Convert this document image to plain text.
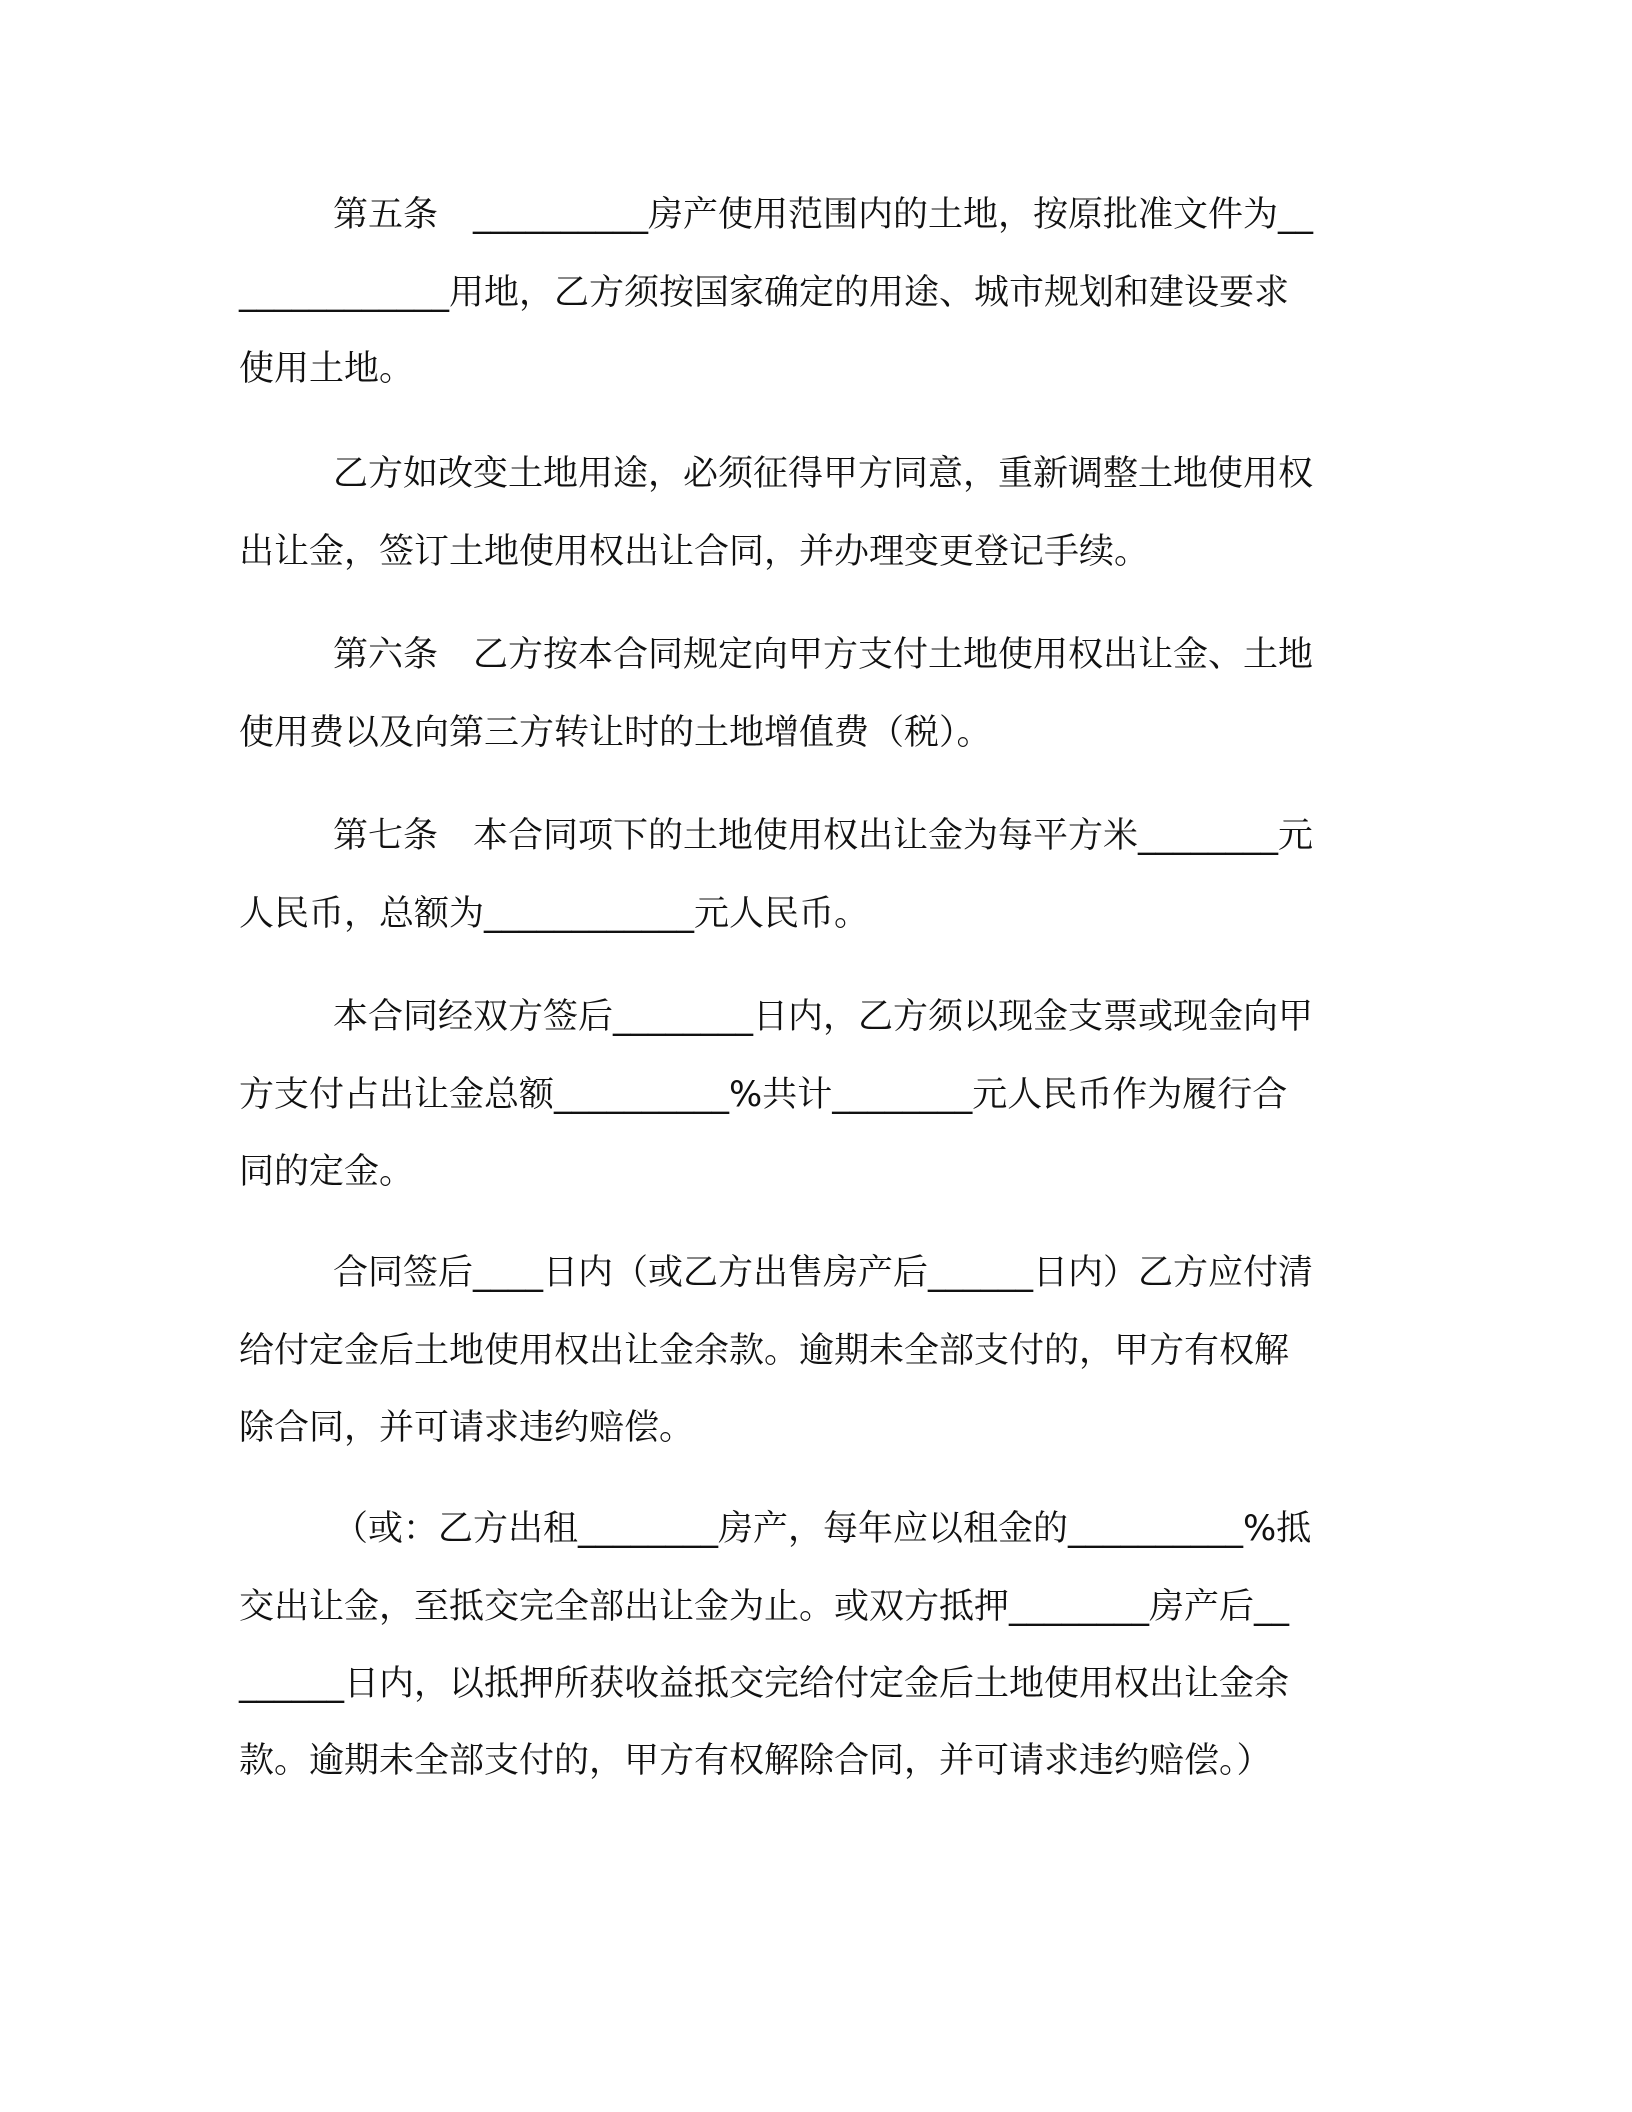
第五条　__________房产使用范围内的土地，按原批准文件为__
____________用地，乙方须按国家确定的用途、城市规划和建设要求
使用土地。
乙方如改变土地用途，必须征得甲方同意，重新调整土地使用权
出让金，签订土地使用权出让合同，并办理变更登记手续。
第六条　乙方按本合同规定向甲方支付土地使用权出让金、土地
使用费以及向第三方转让时的土地增值费（税）。
第七条　本合同项下的土地使用权出让金为每平方米________元
人民币，总额为____________元人民币。
本合同经双方签后________日内，乙方须以现金支票或现金向甲
方支付占出让金总额__________%共计________元人民币作为履行合
同的定金。
合同签后____日内（或乙方出售房产后______日内）乙方应付清
给付定金后土地使用权出让金余款。逾期未全部支付的，甲方有权解
除合同，并可请求违约赔偿。
（或：乙方出租________房产，每年应以租金的__________%抵
交出让金，至抵交完全部出让金为止。或双方抵押________房产后__
______日内，以抵押所获收益抵交完给付定金后土地使用权出让金余
款。逾期未全部支付的，甲方有权解除合同，并可请求违约赔偿。）
